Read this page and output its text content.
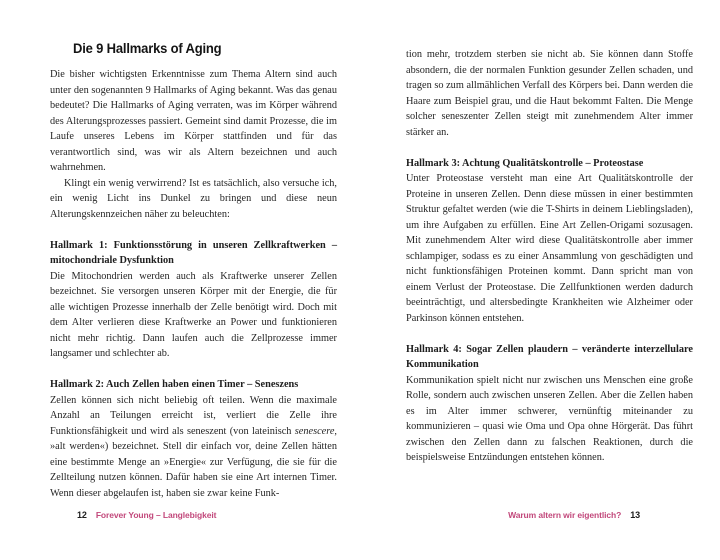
Die 9 Hallmarks of Aging

Die bisher wichtigsten Erkenntnisse zum Thema Altern sind auch unter den sogenannten 9 Hallmarks of Aging bekannt. Was das genau bedeutet? Die Hallmarks of Aging verraten, was im Körper während des Alterungsprozesses passiert. Gemeint sind damit Prozesse, die im Laufe unseres Lebens im Körper stattfinden und für das verantwortlich sind, was wir als Altern bezeichnen und auch wahrnehmen.

Klingt ein wenig verwirrend? Ist es tatsächlich, also versuche ich, ein wenig Licht ins Dunkel zu bringen und diese neun Alterungskennzeichen näher zu beleuchten:

Hallmark 1: Funktionsstörung in unseren Zellkraftwerken – mitochondriale Dysfunktion

Die Mitochondrien werden auch als Kraftwerke unserer Zellen bezeichnet. Sie versorgen unseren Körper mit der Energie, die für alle wichtigen Prozesse innerhalb der Zelle benötigt wird. Doch mit dem Alter verlieren diese Kraftwerke an Power und funktionieren nicht mehr richtig. Dann laufen auch die Zellprozesse immer langsamer und schlechter ab.

Hallmark 2: Auch Zellen haben einen Timer – Seneszens

Zellen können sich nicht beliebig oft teilen. Wenn die maximale Anzahl an Teilungen erreicht ist, verliert die Zelle ihre Funktionsfähigkeit und wird als seneszent (von lateinisch senescere, »alt werden«) bezeichnet. Stell dir einfach vor, deine Zellen hätten eine bestimmte Menge an »Energie« zur Verfügung, die sie für die Zellteilung nutzen können. Dafür haben sie eine Art internen Timer. Wenn dieser abgelaufen ist, haben sie zwar keine Funk-

tion mehr, trotzdem sterben sie nicht ab. Sie können dann Stoffe absondern, die der normalen Funktion gesunder Zellen schaden, und tragen so zum allmählichen Verfall des Körpers bei. Dann werden die Haare zum Beispiel grau, und die Haut bekommt Falten. Die Menge solcher seneszenter Zellen steigt mit zunehmendem Alter immer stärker an.

Hallmark 3: Achtung Qualitätskontrolle – Proteostase

Unter Proteostase versteht man eine Art Qualitätskontrolle der Proteine in unseren Zellen. Denn diese müssen in einer bestimmten Struktur gefaltet werden (wie die T-Shirts in deinem Lieblingsladen), um ihre Aufgaben zu erfüllen. Eine Art Zellen-Origami sozusagen. Mit zunehmendem Alter wird diese Qualitätskontrolle aber immer schlampiger, sodass es zu einer Ansammlung von geschädigten und nicht funktionsfähigen Proteinen kommt. Dann spricht man von einem Verlust der Proteostase. Die Zellfunktionen werden dadurch beeinträchtigt, und altersbedingte Krankheiten wie Alzheimer oder Parkinson können entstehen.

Hallmark 4: Sogar Zellen plaudern – veränderte interzellulare Kommunikation

Kommunikation spielt nicht nur zwischen uns Menschen eine große Rolle, sondern auch zwischen unseren Zellen. Aber die Zellen haben es im Alter immer schwerer, vernünftig miteinander zu kommunizieren – quasi wie Oma und Opa ohne Hörgerät. Das führt zwischen den Zellen dann zu falschen Reaktionen, durch die beispielsweise Entzündungen entstehen können.

12 Forever Young – Langlebigkeit	Warum altern wir eigentlich? 13
